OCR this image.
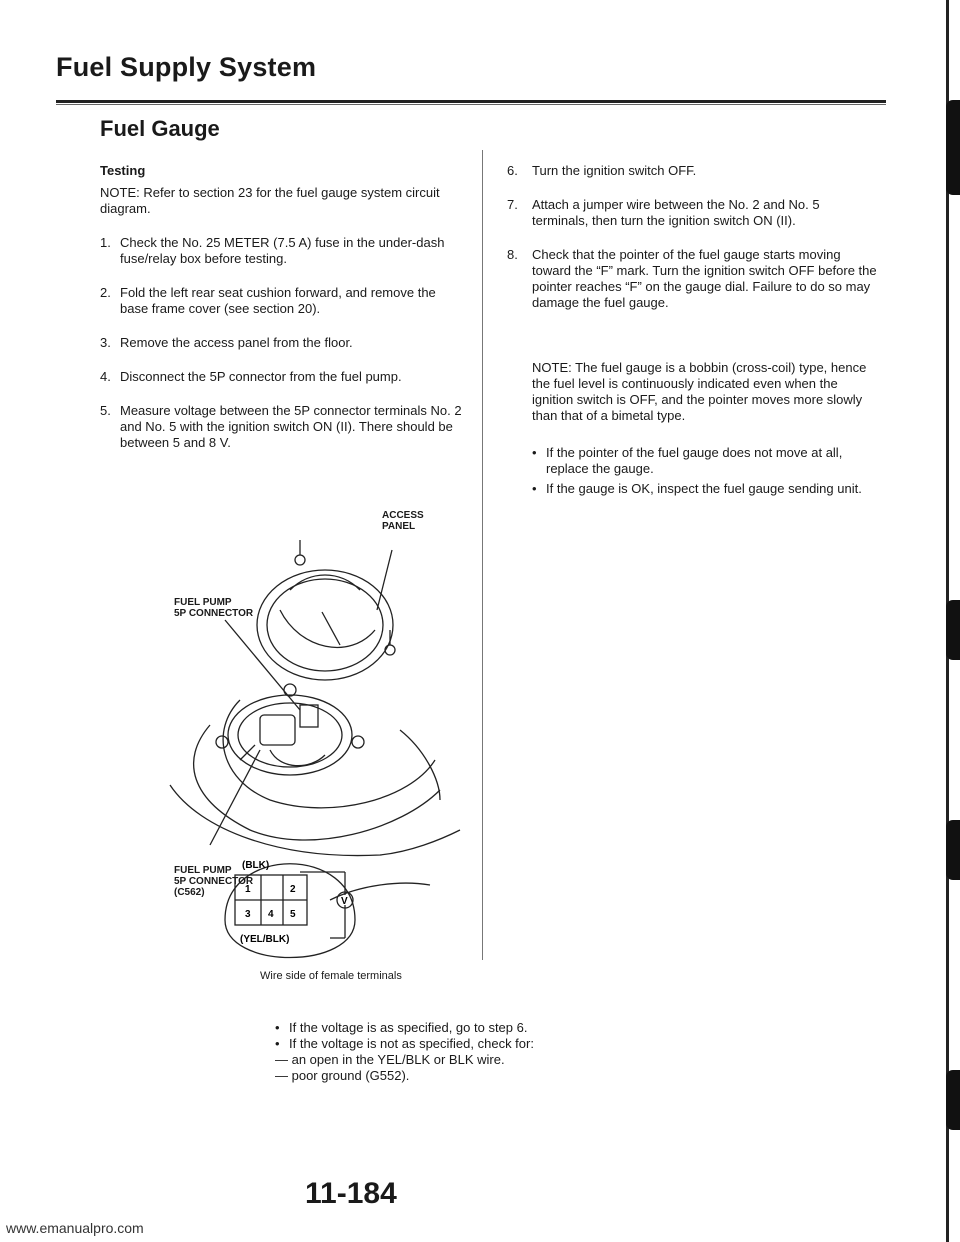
Fuel Supply System
Fuel Gauge
Testing
NOTE: Refer to section 23 for the fuel gauge system circuit diagram.
1. Check the No. 25 METER (7.5 A) fuse in the under-dash fuse/relay box before testing.
2. Fold the left rear seat cushion forward, and remove the base frame cover (see section 20).
3. Remove the access panel from the floor.
4. Disconnect the 5P connector from the fuel pump.
5. Measure voltage between the 5P connector terminals No. 2 and No. 5 with the ignition switch ON (II). There should be between 5 and 8 V.
6. Turn the ignition switch OFF.
7. Attach a jumper wire between the No. 2 and No. 5 terminals, then turn the ignition switch ON (II).
8. Check that the pointer of the fuel gauge starts moving toward the “F” mark. Turn the ignition switch OFF before the pointer reaches “F” on the gauge dial. Failure to do so may damage the fuel gauge.
NOTE: The fuel gauge is a bobbin (cross-coil) type, hence the fuel level is continuously indicated even when the ignition switch is OFF, and the pointer moves more slowly than that of a bimetal type.
• If the pointer of the fuel gauge does not move at all, replace the gauge.
• If the gauge is OK, inspect the fuel gauge sending unit.
V
1	2
3 4 5
(BLK)
(YEL/BLK)
ACCESS
PANEL
FUEL PUMP
5P CONNECTOR
FUEL PUMP
5P CONNECTOR
(C562)
Wire side of female terminals
• If the voltage is as specified, go to step 6.
• If the voltage is not as specified, check for:
— an open in the YEL/BLK or BLK wire.
— poor ground (G552).
11-184
www.emanualpro.com
